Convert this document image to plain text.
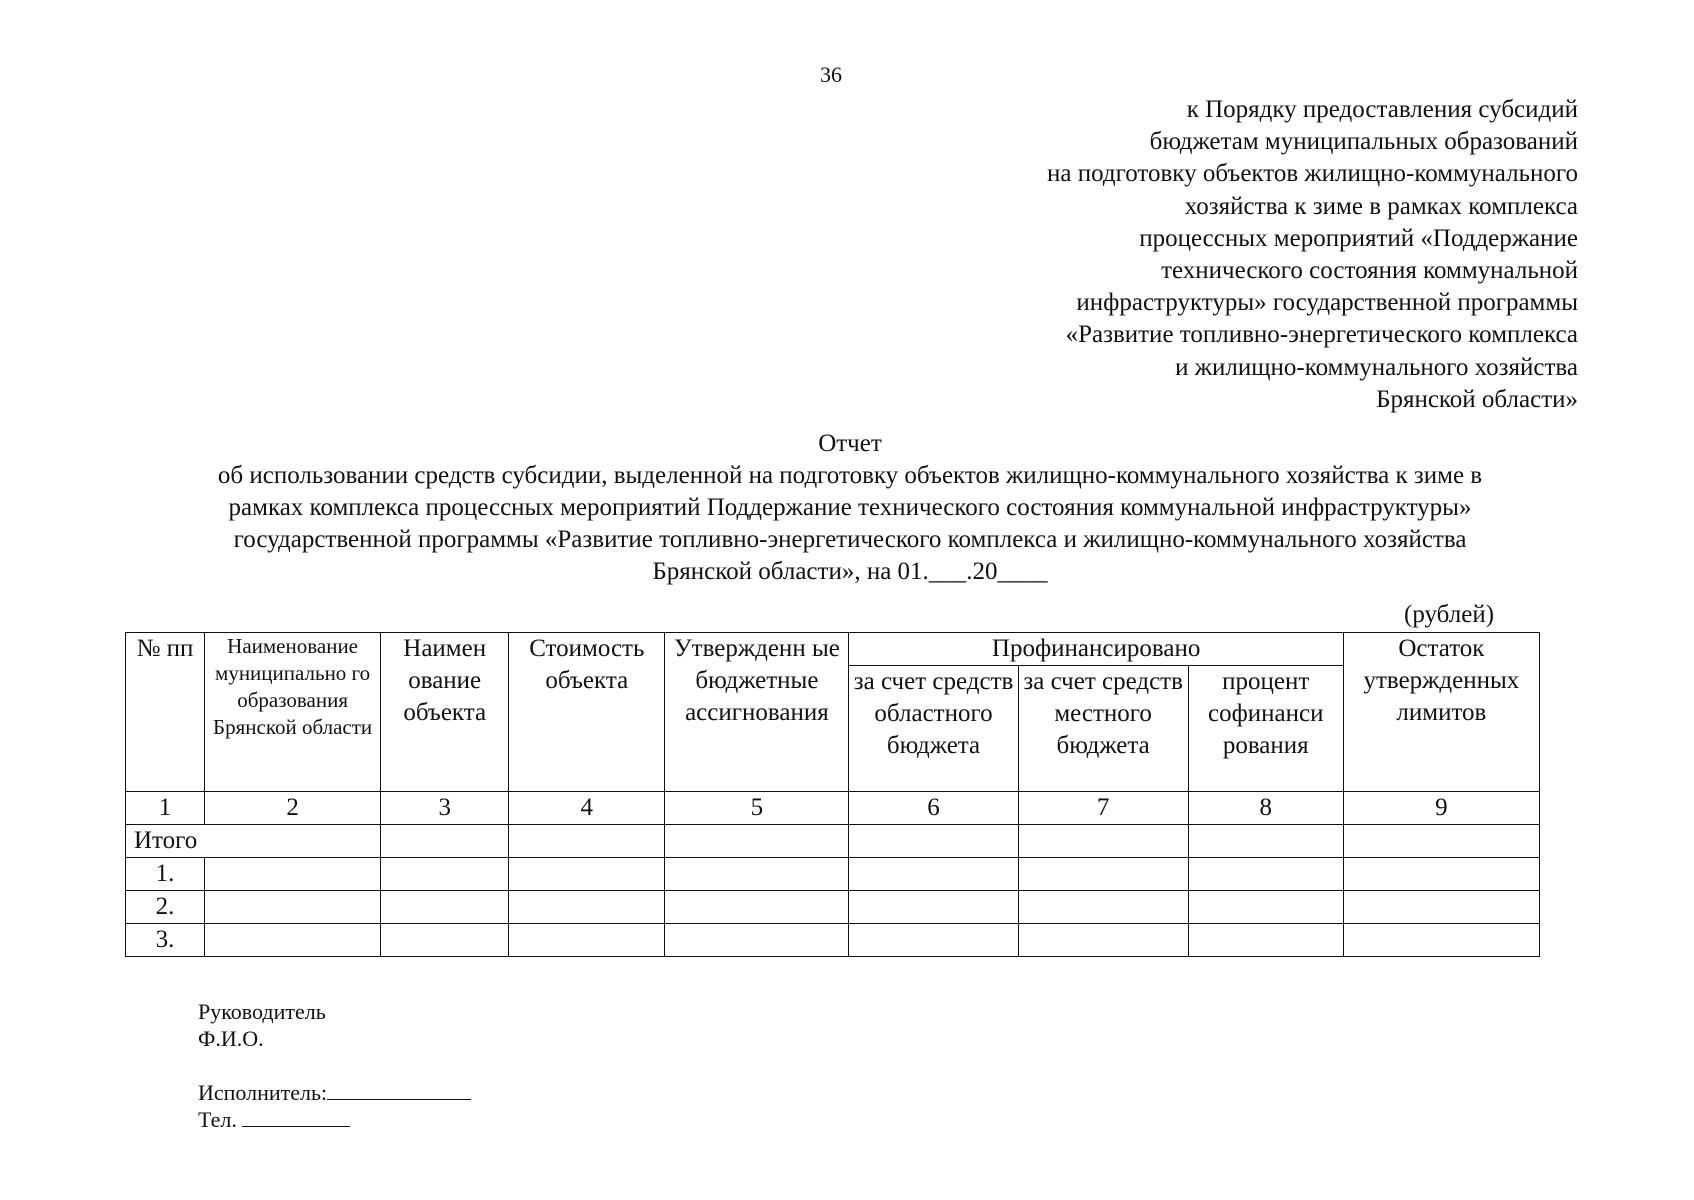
36
к Порядку предоставления субсидий
бюджетам муниципальных образований
на подготовку объектов жилищно-коммунального
хозяйства к зиме в рамках комплекса
процессных мероприятий «Поддержание
технического состояния коммунальной
инфраструктуры» государственной программы
«Развитие топливно-энергетического комплекса
и жилищно-коммунального хозяйства
Брянской области»
Отчет
об использовании средств субсидии, выделенной на подготовку объектов жилищно-коммунального хозяйства к зиме в
рамках комплекса процессных мероприятий Поддержание технического состояния коммунальной инфраструктуры»
государственной программы «Развитие топливно-энергетического комплекса и жилищно-коммунального хозяйства
Брянской области», на 01.___.20____
(рублей)
№ пп	Наименование муниципально го образования Брянской области	Наимен ование объекта	Стоимость объекта	Утвержденн ые бюджетные ассигнования	Профинансировано			Остаток утвержденных лимитов
					за счет средств областного бюджета	за счет средств местного бюджета	процент софинанси рования	
1	2	3	4	5	6	7	8	9
Итого								
1.								
2.								
3.								
Руководитель
Ф.И.О.
Исполнитель:
Тел.
